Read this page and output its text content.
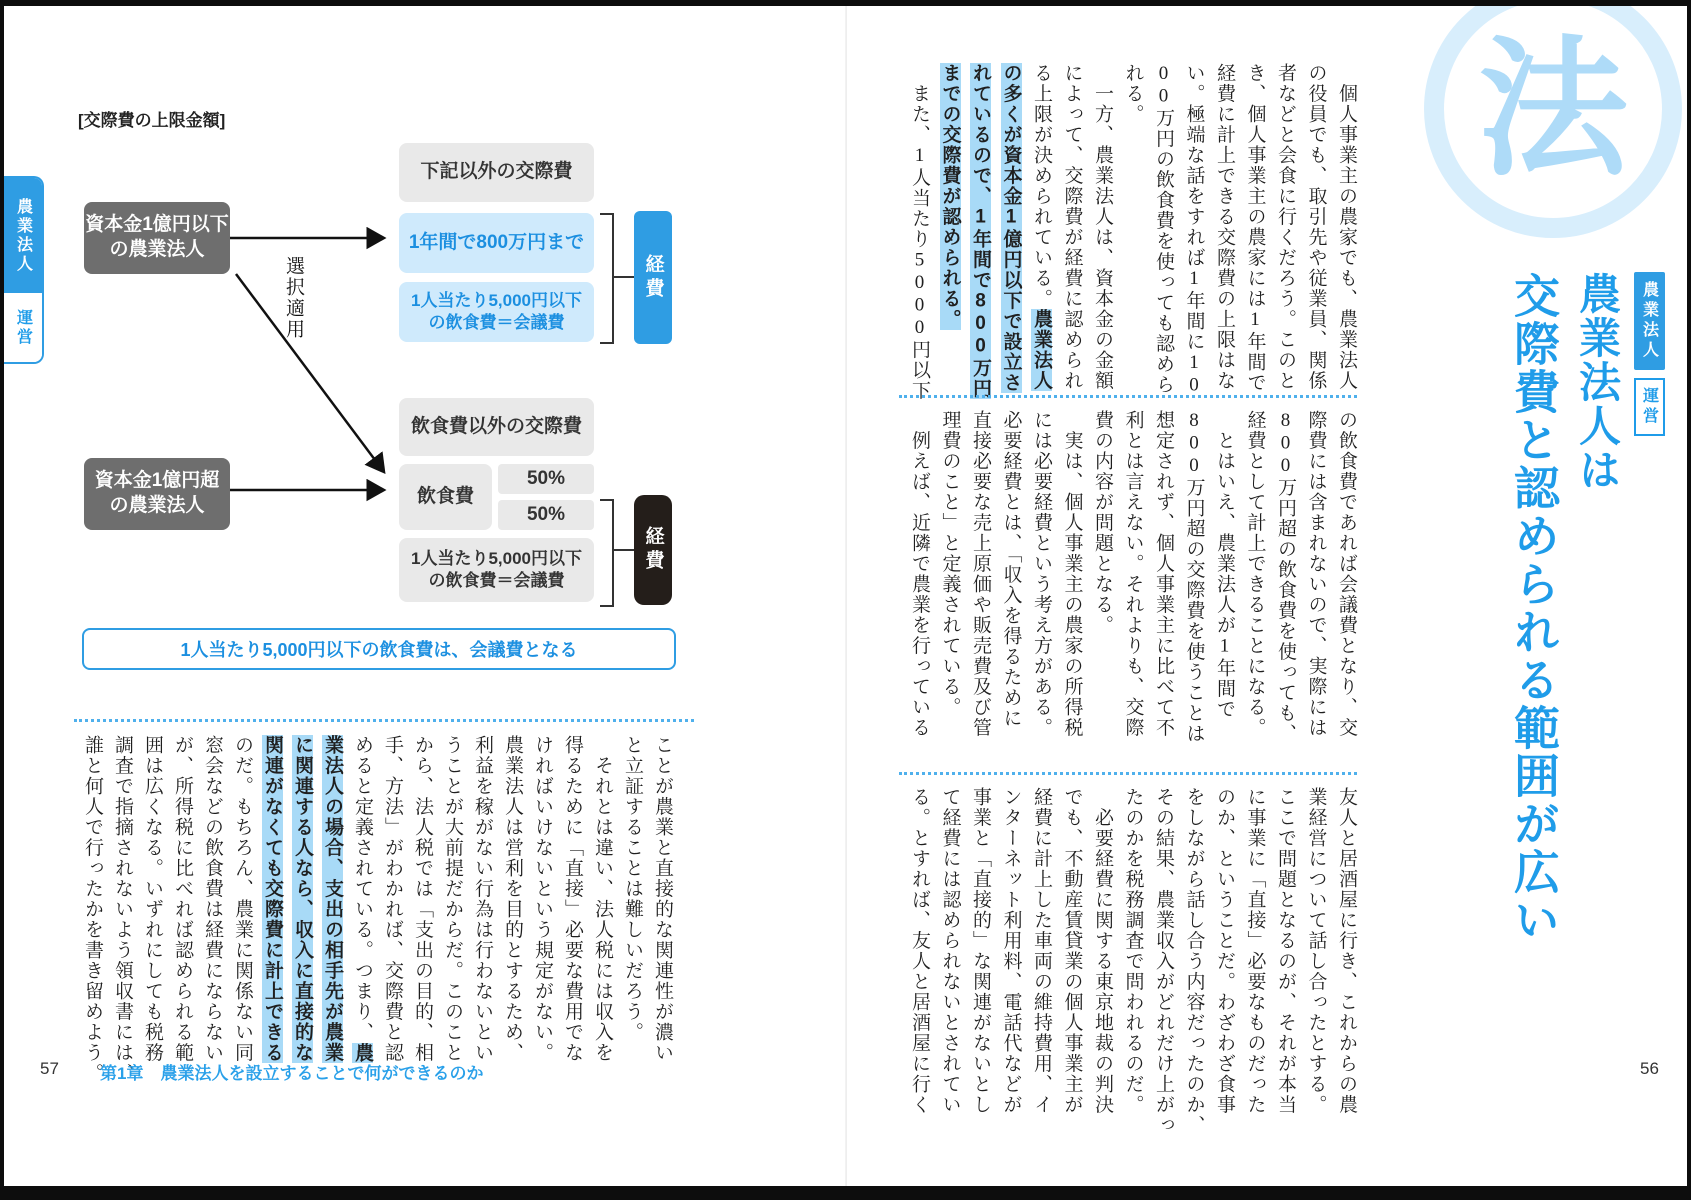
農業法人
運営
[交際費の上限金額]
資本金1億円以下
の農業法人
資本金1億円超
の農業法人
選択適用
下記以外の交際費
1年間で800万円まで
1人当たり5,000円以下
の飲食費＝会議費
経費
飲食費以外の交際費
飲食費
50%
50%
1人当たり5,000円以下
の飲食費＝会議費
経費
1人当たり5,000円以下の飲食費は、会議費となる
ことが農業と直接的な関連性が濃い
と立証することは難しいだろう。
　それとは違い、法人税には収入を
得るために「直接」必要な費用でな
ければいけないという規定がない。
農業法人は営利を目的とするため、
利益を稼がない行為は行わないとい
うことが大前提だからだ。このこと
から、法人税では「支出の目的、相
手、方法」がわかれば、交際費と認
めると定義されている。つまり、農
業法人の場合、支出の相手先が農業
に関連する人なら、収入に直接的な
関連がなくても交際費に計上できる
のだ。もちろん、農業に関係ない同
窓会などの飲食費は経費にならない
が、所得税に比べれば認められる範
囲は広くなる。いずれにしても税務
調査で指摘されないよう領収書には、
誰と何人で行ったかを書き留めよう。
57 第1章　農業法人を設立することで何ができるのか
法
農業法人
運営
農業法人は
交際費と認められる範囲が広い
　個人事業主の農家でも、農業法人
の役員でも、取引先や従業員、関係
者などと会食に行くだろう。このと
き、個人事業主の農家には1年間で
経費に計上できる交際費の上限はな
い。極端な話をすれば1年間に10
00万円の飲食費を使っても認めら
れる。
　一方、農業法人は、資本金の金額
によって、交際費が経費に認められ
る上限が決められている。農業法人
の多くが資本金1億円以下で設立さ
れているので、1年間で800万円
までの交際費が認められる。
　また、1人当たり5000円以下
の飲食費であれば会議費となり、交
際費には含まれないので、実際には
800万円超の飲食費を使っても、
経費として計上できることになる。
　とはいえ、農業法人が1年間で
800万円超の交際費を使うことは
想定されず、個人事業主に比べて不
利とは言えない。それよりも、交際
費の内容が問題となる。
　実は、個人事業主の農家の所得税
には必要経費という考え方がある。
必要経費とは、「収入を得るために
直接必要な売上原価や販売費及び管
理費のこと」と定義されている。
　例えば、近隣で農業を行っている
友人と居酒屋に行き、これからの農
業経営について話し合ったとする。
ここで問題となるのが、それが本当
に事業に「直接」必要なものだった
のか、ということだ。わざわざ食事
をしながら話し合う内容だったのか、
その結果、農業収入がどれだけ上がっ
たのかを税務調査で問われるのだ。
　必要経費に関する東京地裁の判決
でも、不動産賃貸業の個人事業主が
経費に計上した車両の維持費用、イ
ンターネット利用料、電話代などが
事業と「直接的」な関連がないとし
て経費には認められないとされてい
る。とすれば、友人と居酒屋に行く	56
